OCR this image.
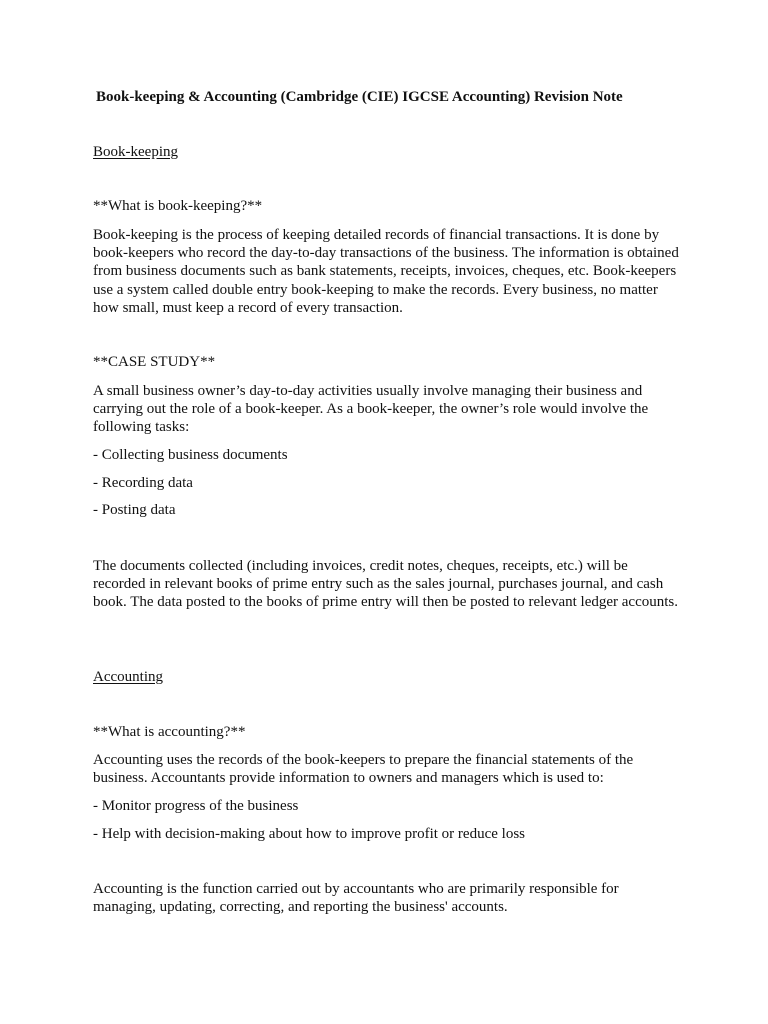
Book-keeping & Accounting (Cambridge (CIE) IGCSE Accounting) Revision Note

Book-keeping

**What is book-keeping?**

Book-keeping is the process of keeping detailed records of financial transactions. It is done by book-keepers who record the day-to-day transactions of the business. The information is obtained from business documents such as bank statements, receipts, invoices, cheques, etc. Book-keepers use a system called double entry book-keeping to make the records. Every business, no matter how small, must keep a record of every transaction.

**CASE STUDY**

A small business owner’s day-to-day activities usually involve managing their business and carrying out the role of a book-keeper. As a book-keeper, the owner’s role would involve the following tasks:

- Collecting business documents

- Recording data

- Posting data

The documents collected (including invoices, credit notes, cheques, receipts, etc.) will be recorded in relevant books of prime entry such as the sales journal, purchases journal, and cash book. The data posted to the books of prime entry will then be posted to relevant ledger accounts.

Accounting

**What is accounting?**

Accounting uses the records of the book-keepers to prepare the financial statements of the business. Accountants provide information to owners and managers which is used to:

- Monitor progress of the business

- Help with decision-making about how to improve profit or reduce loss

Accounting is the function carried out by accountants who are primarily responsible for managing, updating, correcting, and reporting the business' accounts.
